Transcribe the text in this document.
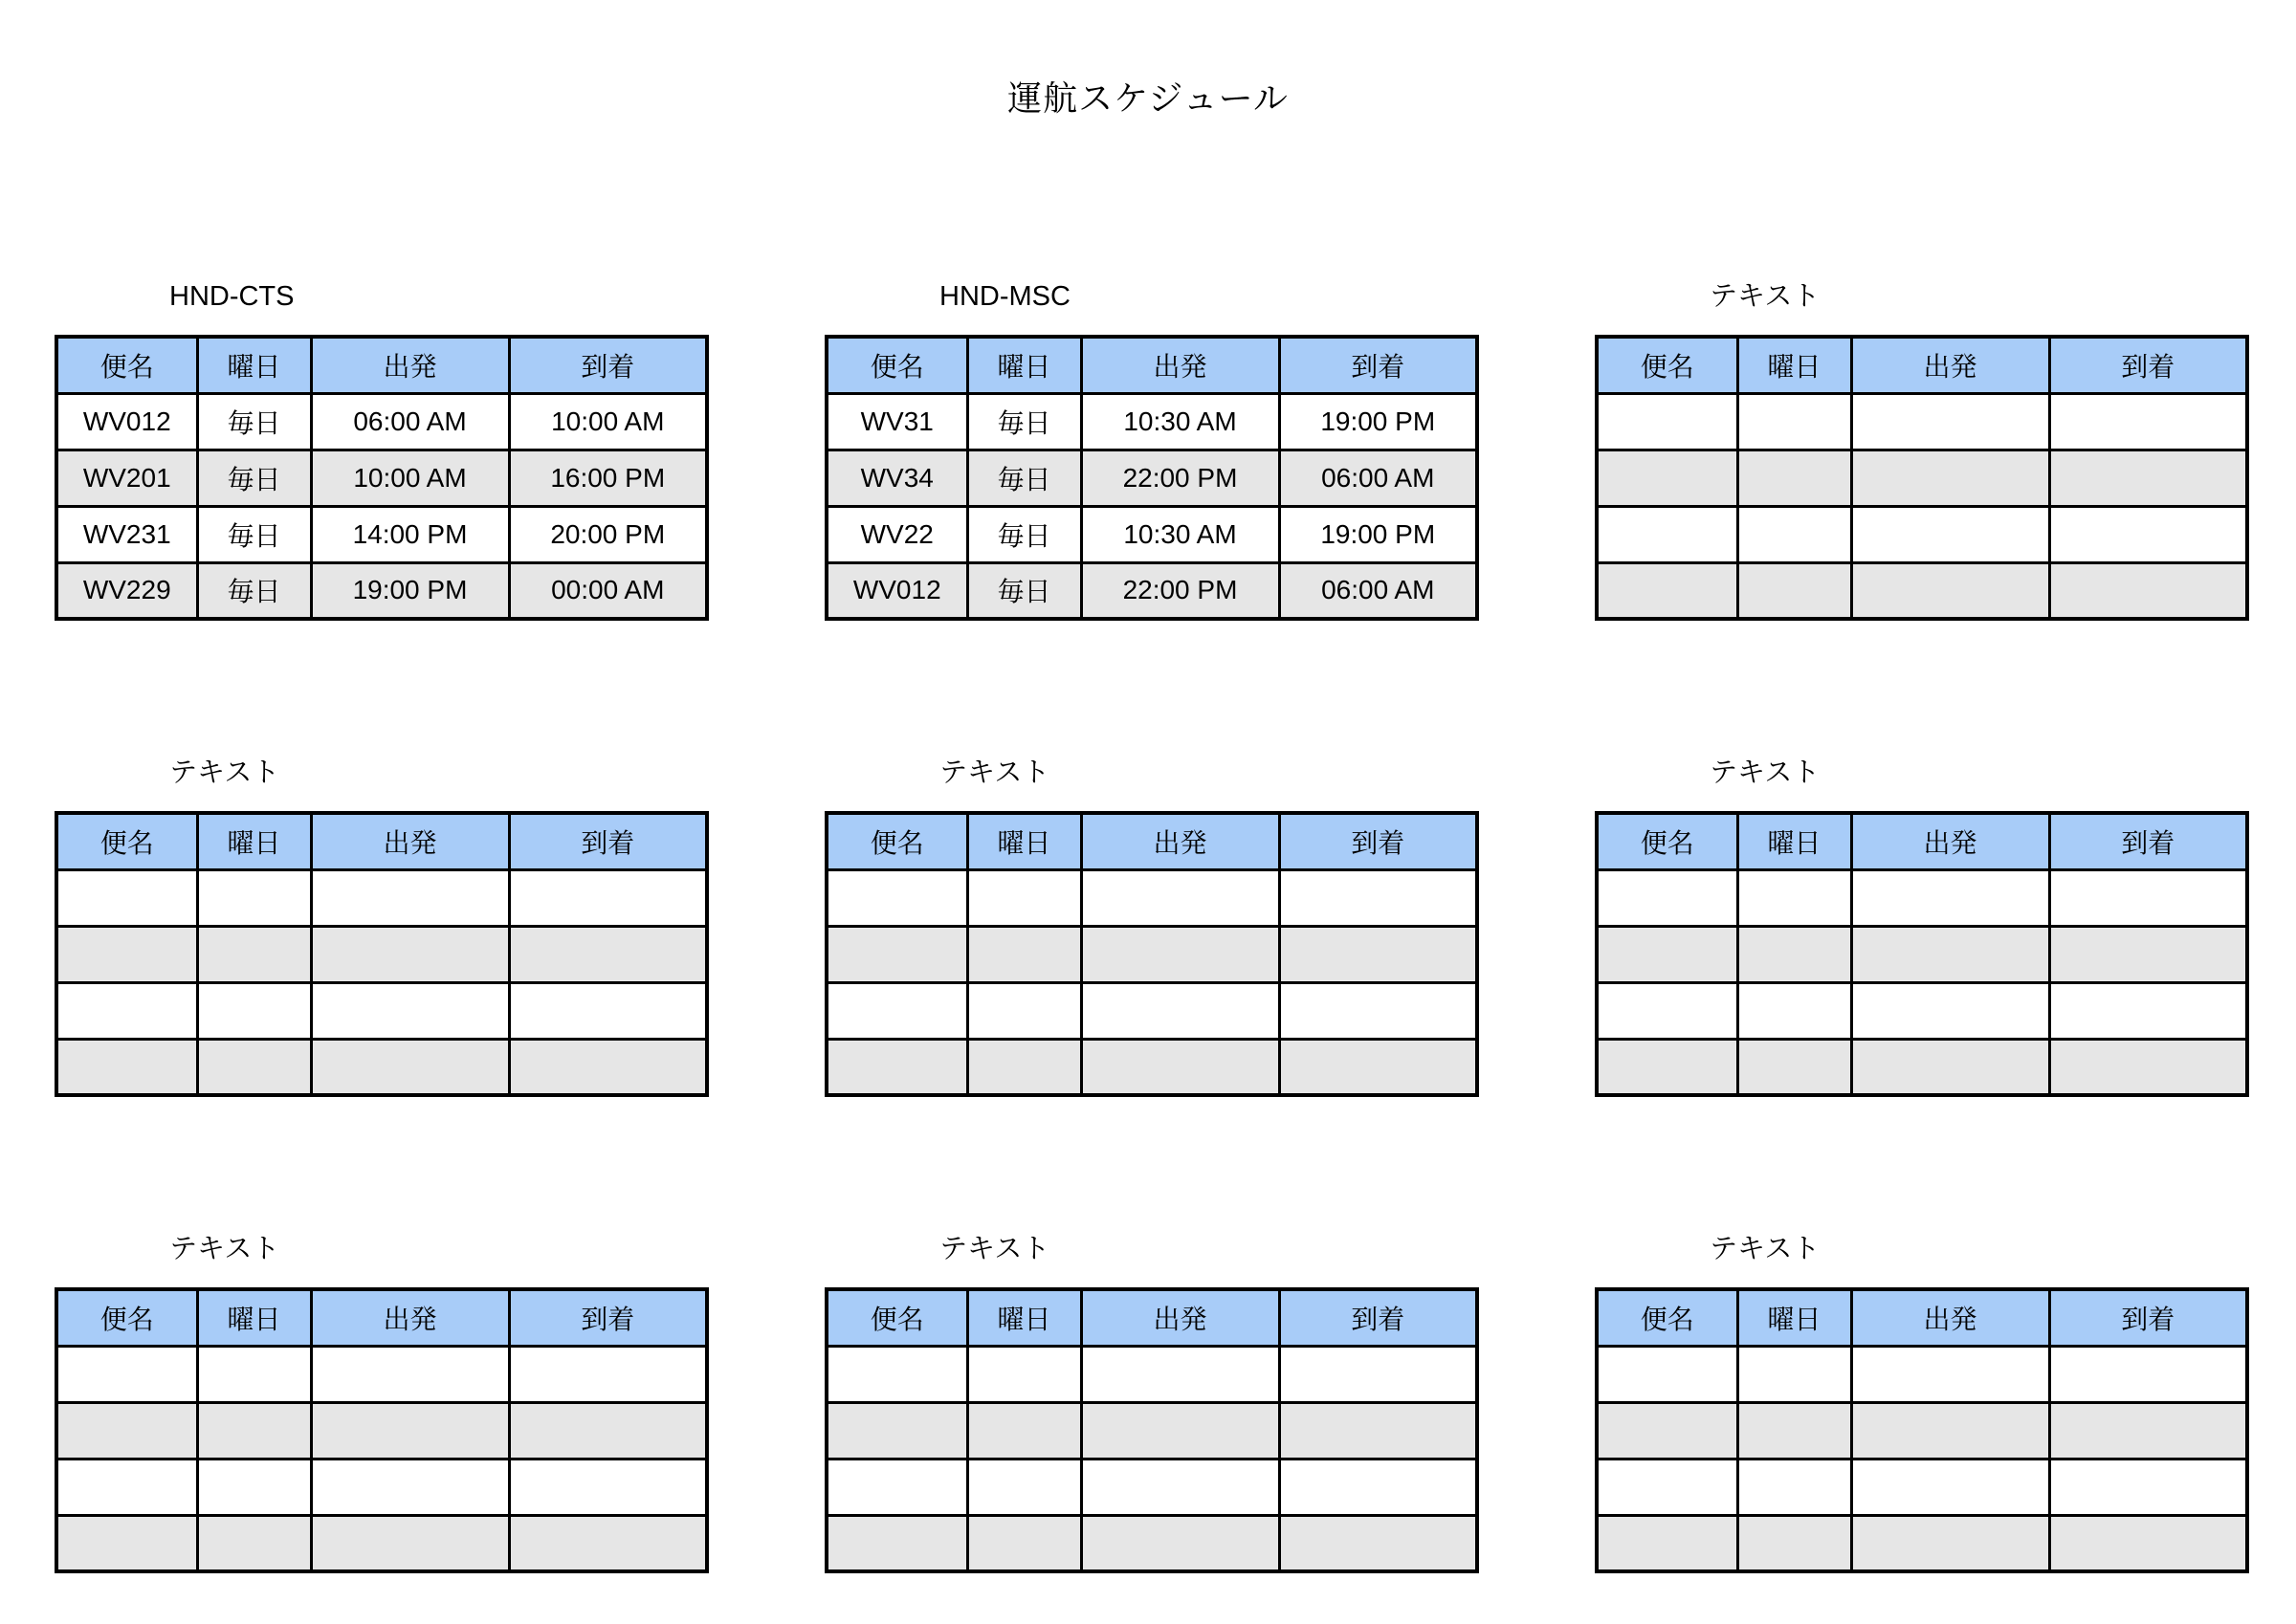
運航スケジュール
HND-CTS
便名	曜日	出発	到着
WV012	毎日	06:00 AM	10:00 AM
WV201	毎日	10:00 AM	16:00 PM
WV231	毎日	14:00 PM	20:00 PM
WV229	毎日	19:00 PM	00:00 AM
HND-MSC
便名	曜日	出発	到着
WV31	毎日	10:30 AM	19:00 PM
WV34	毎日	22:00 PM	06:00 AM
WV22	毎日	10:30 AM	19:00 PM
WV012	毎日	22:00 PM	06:00 AM
テキスト
便名	曜日	出発	到着

テキスト
便名	曜日	出発	到着

テキスト
便名	曜日	出発	到着

テキスト
便名	曜日	出発	到着

テキスト
便名	曜日	出発	到着

テキスト
便名	曜日	出発	到着

テキスト
便名	曜日	出発	到着
